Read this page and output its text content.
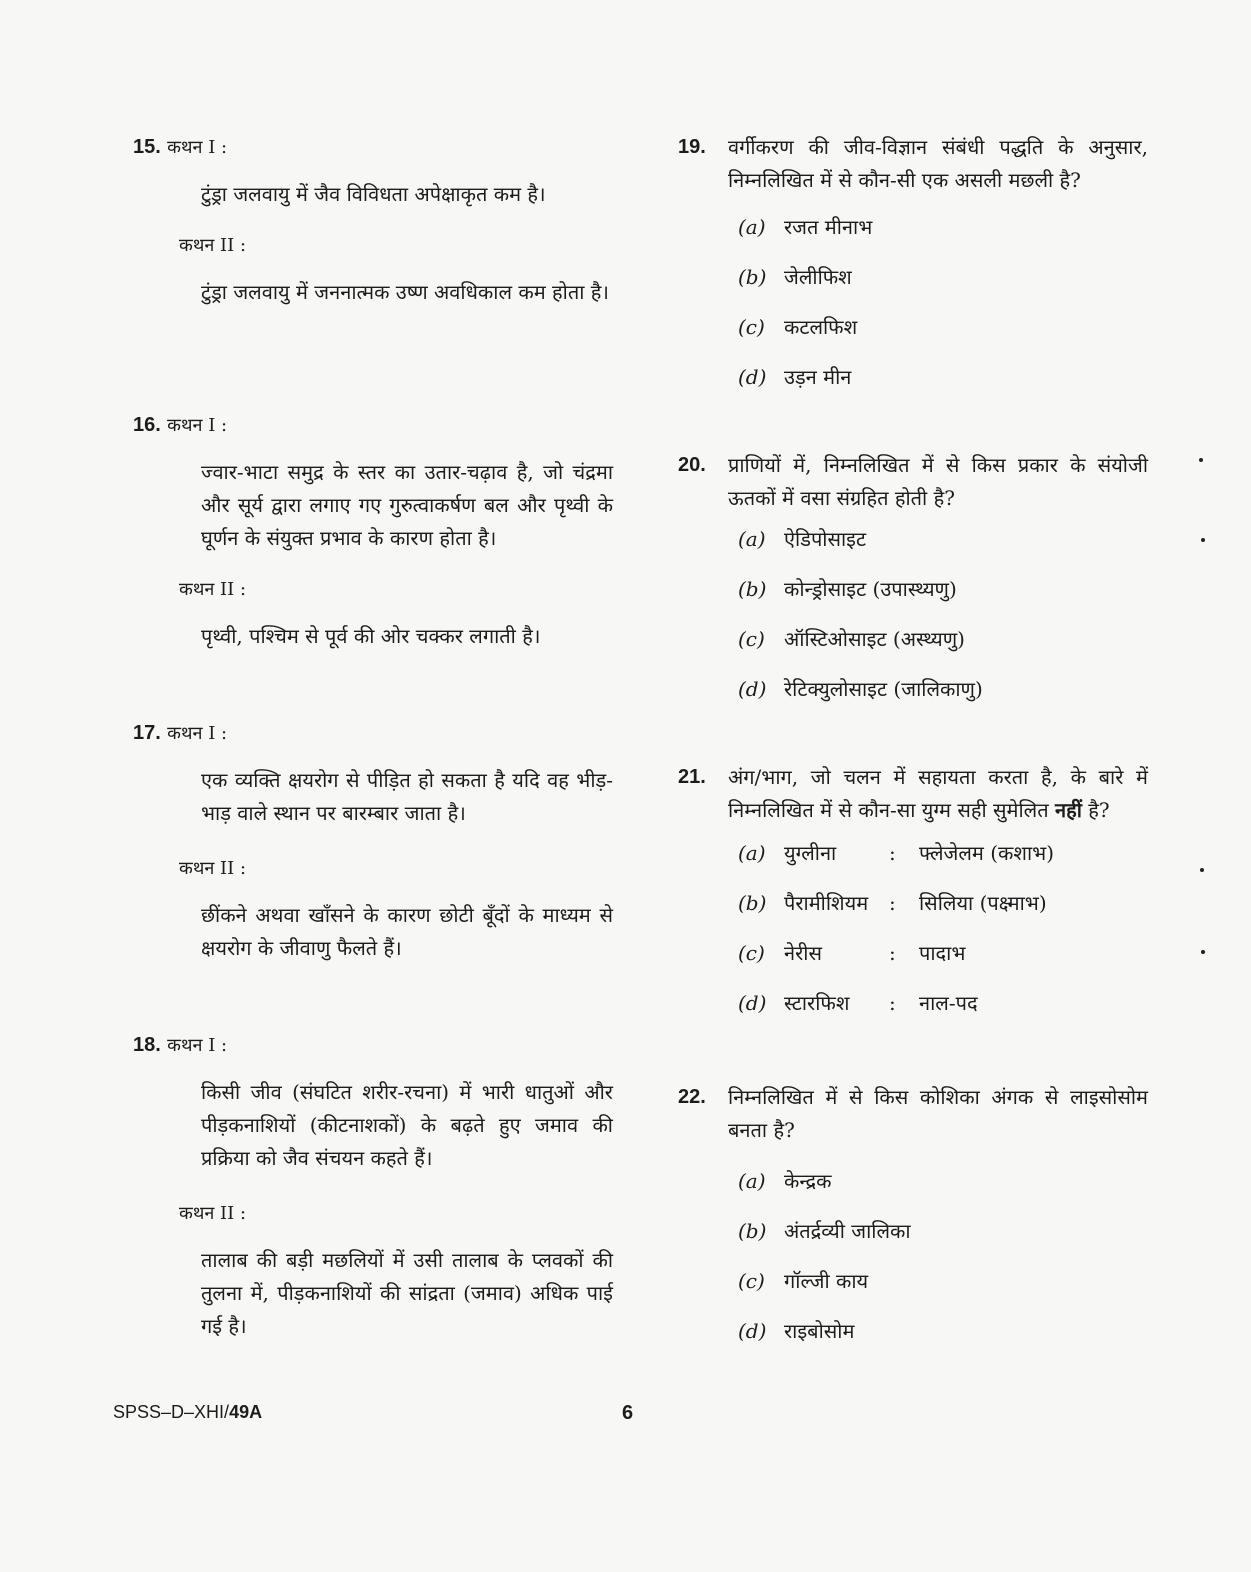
15. कथन I :
टुंड्रा जलवायु में जैव विविधता अपेक्षाकृत कम है।
कथन II :
टुंड्रा जलवायु में जननात्मक उष्ण अवधिकाल कम होता है।
16. कथन I :
ज्वार-भाटा समुद्र के स्तर का उतार-चढ़ाव है, जो चंद्रमा और सूर्य द्वारा लगाए गए गुरुत्वाकर्षण बल और पृथ्वी के घूर्णन के संयुक्त प्रभाव के कारण होता है।
कथन II :
पृथ्वी, पश्चिम से पूर्व की ओर चक्कर लगाती है।
17. कथन I :
एक व्यक्ति क्षयरोग से पीड़ित हो सकता है यदि वह भीड़-भाड़ वाले स्थान पर बारम्बार जाता है।
कथन II :
छींकने अथवा खाँसने के कारण छोटी बूँदों के माध्यम से क्षयरोग के जीवाणु फैलते हैं।
18. कथन I :
किसी जीव (संघटित शरीर-रचना) में भारी धातुओं और पीड़कनाशियों (कीटनाशकों) के बढ़ते हुए जमाव की प्रक्रिया को जैव संचयन कहते हैं।
कथन II :
तालाब की बड़ी मछलियों में उसी तालाब के प्लवकों की तुलना में, पीड़कनाशियों की सांद्रता (जमाव) अधिक पाई गई है।
19. वर्गीकरण की जीव-विज्ञान संबंधी पद्धति के अनुसार, निम्नलिखित में से कौन-सी एक असली मछली है?
(a) रजत मीनाभ
(b) जेलीफिश
(c) कटलफिश
(d) उड़न मीन
20. प्राणियों में, निम्नलिखित में से किस प्रकार के संयोजी ऊतकों में वसा संग्रहित होती है?
(a) ऐडिपोसाइट
(b) कोन्ड्रोसाइट (उपास्थ्यणु)
(c) ऑस्टिओसाइट (अस्थ्यणु)
(d) रेटिक्युलोसाइट (जालिकाणु)
21. अंग/भाग, जो चलन में सहायता करता है, के बारे में निम्नलिखित में से कौन-सा युग्म सही सुमेलित नहीं है?
(a) युग्लीना	: फ्लेजेलम (कशाभ)
(b) पैरामीशियम : सिलिया (पक्ष्माभ)
(c) नेरीस	: पादाभ
(d) स्टारफिश : नाल-पद
22. निम्नलिखित में से किस कोशिका अंगक से लाइसोसोम बनता है?
(a) केन्द्रक
(b) अंतर्द्रव्यी जालिका
(c) गॉल्जी काय
(d) राइबोसोम
SPSS–D–XHI/49A	6
